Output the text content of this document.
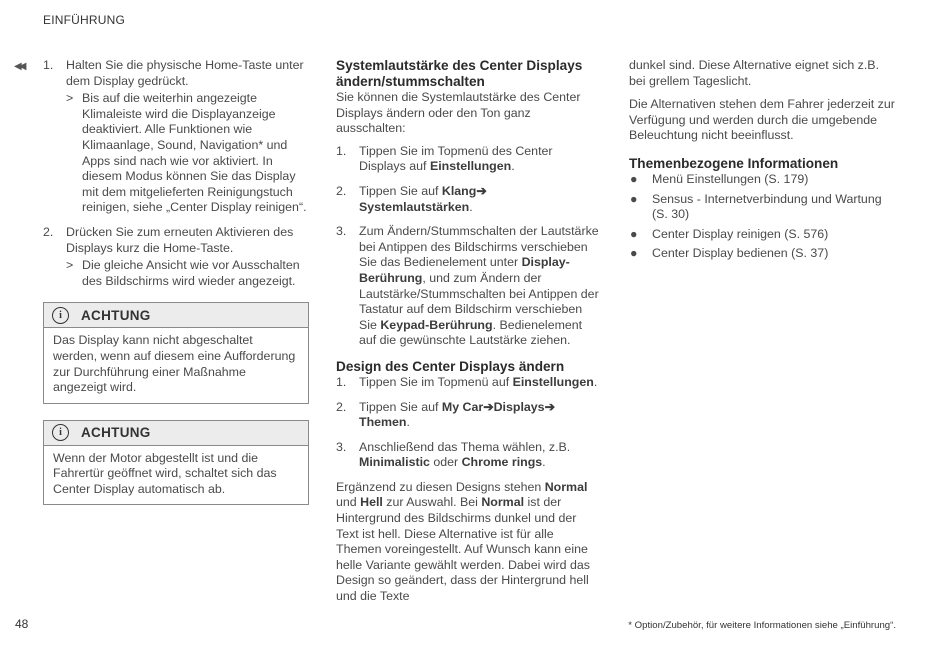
EINFÜHRUNG
◀◀ 1. Halten Sie die physische Home-Taste unter dem Display gedrückt.
> Bis auf die weiterhin angezeigte Klimaleiste wird die Displayanzeige deaktiviert. Alle Funktionen wie Klimaanlage, Sound, Navigation* und Apps sind nach wie vor aktiviert. In diesem Modus können Sie das Display mit dem mitgelieferten Reinigungstuch reinigen, siehe „Center Display reinigen“.
2. Drücken Sie zum erneuten Aktivieren des Displays kurz die Home-Taste.
> Die gleiche Ansicht wie vor Ausschalten des Bildschirms wird wieder angezeigt.
i	ACHTUNG
Das Display kann nicht abgeschaltet werden, wenn auf diesem eine Aufforderung zur Durchführung einer Maßnahme angezeigt wird.
i	ACHTUNG
Wenn der Motor abgestellt ist und die Fahrertür geöffnet wird, schaltet sich das Center Display automatisch ab.
Systemlautstärke des Center Displays ändern/stummschalten
Sie können die Systemlautstärke des Center Displays ändern oder den Ton ganz ausschalten:
1. Tippen Sie im Topmenü des Center Displays auf Einstellungen.
2. Tippen Sie auf Klang➔
Systemlautstärken.
3. Zum Ändern/Stummschalten der Lautstärke bei Antippen des Bildschirms verschieben Sie das Bedienelement unter Display-Berührung, und zum Ändern der Lautstärke/Stummschalten bei Antippen der Tastatur auf dem Bildschirm verschieben Sie Keypad-Berührung. Bedienelement auf die gewünschte Lautstärke ziehen.
Design des Center Displays ändern
1. Tippen Sie im Topmenü auf Einstellungen.
2. Tippen Sie auf My Car➔Displays➔
Themen.
3. Anschließend das Thema wählen, z.B.
Minimalistic oder Chrome rings.
Ergänzend zu diesen Designs stehen Normal und Hell zur Auswahl. Bei Normal ist der Hintergrund des Bildschirms dunkel und der Text ist hell. Diese Alternative ist für alle Themen voreingestellt. Auf Wunsch kann eine helle Variante gewählt werden. Dabei wird das Design so geändert, dass der Hintergrund hell und die Texte
dunkel sind. Diese Alternative eignet sich z.B. bei grellem Tageslicht.
Die Alternativen stehen dem Fahrer jederzeit zur Verfügung und werden durch die umgebende Beleuchtung nicht beeinflusst.
Themenbezogene Informationen
● Menü Einstellungen (S. 179)
● Sensus - Internetverbindung und Wartung (S. 30)
● Center Display reinigen (S. 576)
● Center Display bedienen (S. 37)
48	* Option/Zubehör, für weitere Informationen siehe „Einführung“.
